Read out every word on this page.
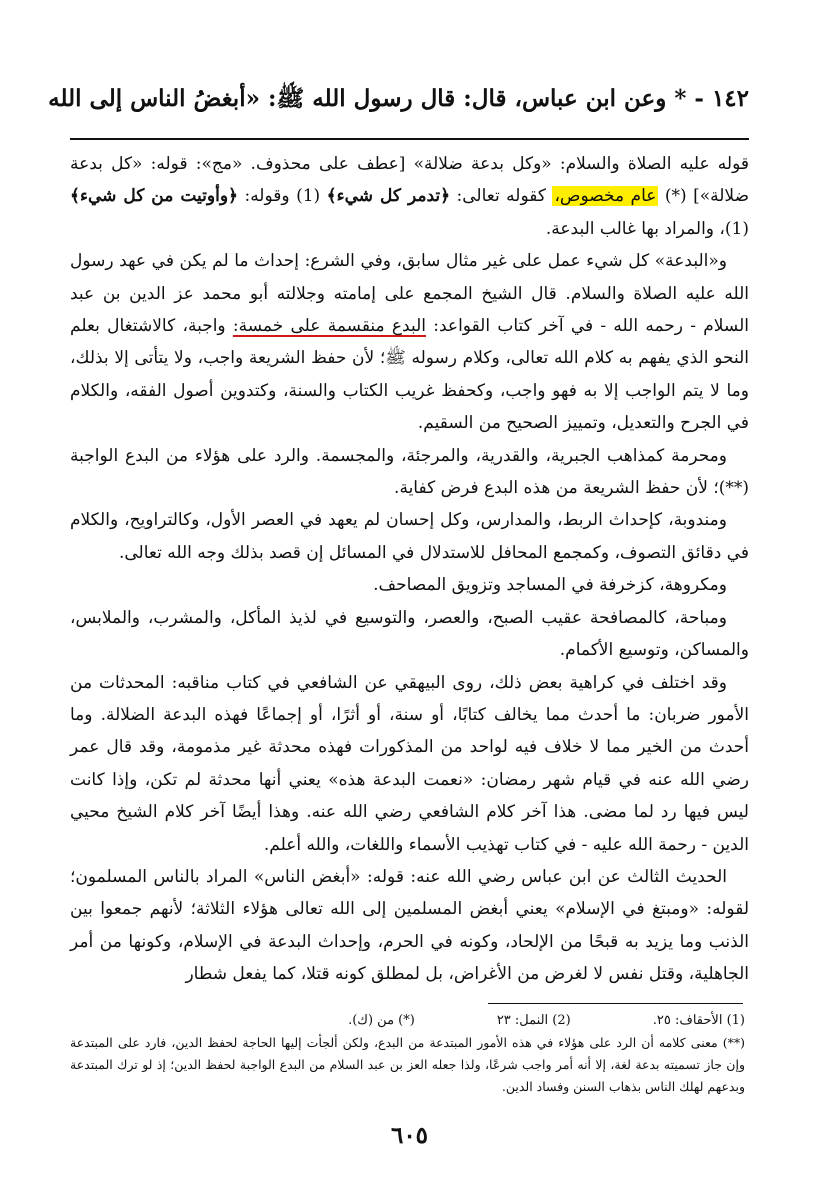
١٤٢ - * وعن ابن عباس، قال: قال رسول الله ﷺ: «أبغضُ الناس إلى الله

قوله عليه الصلاة والسلام: «وكل بدعة ضلالة» [عطف على محذوف. «مج»: قوله: «كل بدعة ضلالة»] (*) عام مخصوص، كقوله تعالى: ﴿تدمر كل شيء﴾ (1) وقوله: ﴿وأوتيت من كل شيء﴾ (1)، والمراد بها غالب البدعة.

و«البدعة» كل شيء عمل على غير مثال سابق، وفي الشرع: إحداث ما لم يكن في عهد رسول الله عليه الصلاة والسلام. قال الشيخ المجمع على إمامته وجلالته أبو محمد عز الدين بن عبد السلام - رحمه الله - في آخر كتاب القواعد: البدع منقسمة على خمسة: واجبة، كالاشتغال بعلم النحو الذي يفهم به كلام الله تعالى، وكلام رسوله ﷺ؛ لأن حفظ الشريعة واجب، ولا يتأتى إلا بذلك، وما لا يتم الواجب إلا به فهو واجب، وكحفظ غريب الكتاب والسنة، وكتدوين أصول الفقه، والكلام في الجرح والتعديل، وتمييز الصحيح من السقيم.

ومحرمة كمذاهب الجبرية، والقدرية، والمرجئة، والمجسمة. والرد على هؤلاء من البدع الواجبة (**)؛ لأن حفظ الشريعة من هذه البدع فرض كفاية.

ومندوبة، كإحداث الربط، والمدارس، وكل إحسان لم يعهد في العصر الأول، وكالتراويح، والكلام في دقائق التصوف، وكمجمع المحافل للاستدلال في المسائل إن قصد بذلك وجه الله تعالى.

ومكروهة، كزخرفة في المساجد وتزويق المصاحف.

ومباحة، كالمصافحة عقيب الصبح، والعصر، والتوسيع في لذيذ المأكل، والمشرب، والملابس، والمساكن، وتوسيع الأكمام.

وقد اختلف في كراهية بعض ذلك، روى البيهقي عن الشافعي في كتاب مناقبه: المحدثات من الأمور ضربان: ما أحدث مما يخالف كتابًا، أو سنة، أو أثرًا، أو إجماعًا فهذه البدعة الضلالة. وما أحدث من الخير مما لا خلاف فيه لواحد من المذكورات فهذه محدثة غير مذمومة، وقد قال عمر رضي الله عنه في قيام شهر رمضان: «نعمت البدعة هذه» يعني أنها محدثة لم تكن، وإذا كانت ليس فيها رد لما مضى. هذا آخر كلام الشافعي رضي الله عنه. وهذا أيضًا آخر كلام الشيخ محيي الدين - رحمة الله عليه - في كتاب تهذيب الأسماء واللغات، والله أعلم.

الحديث الثالث عن ابن عباس رضي الله عنه: قوله: «أبغض الناس» المراد بالناس المسلمون؛ لقوله: «ومبتغ في الإسلام» يعني أبغض المسلمين إلى الله تعالى هؤلاء الثلاثة؛ لأنهم جمعوا بين الذنب وما يزيد به قبحًا من الإلحاد، وكونه في الحرم، وإحداث البدعة في الإسلام، وكونها من أمر الجاهلية، وقتل نفس لا لغرض من الأغراض، بل لمطلق كونه قتلا، كما يفعل شطار

(1) الأحقاف: ٢٥.
(2) النمل: ٢٣
(*) من (ك).

(**) معنى كلامه أن الرد على هؤلاء في هذه الأمور المبتدعة من البدع، ولكن ألجأت إليها الحاجة لحفظ الدين، فارد على المبتدعة وإن جاز تسميته بدعة لغة، إلا أنه أمر واجب شرعًا، ولذا جعله العز بن عبد السلام من البدع الواجبة لحفظ الدين؛ إذ لو ترك المبتدعة وبدعهم لهلك الناس بذهاب السنن وفساد الدين.

٦٠٥
